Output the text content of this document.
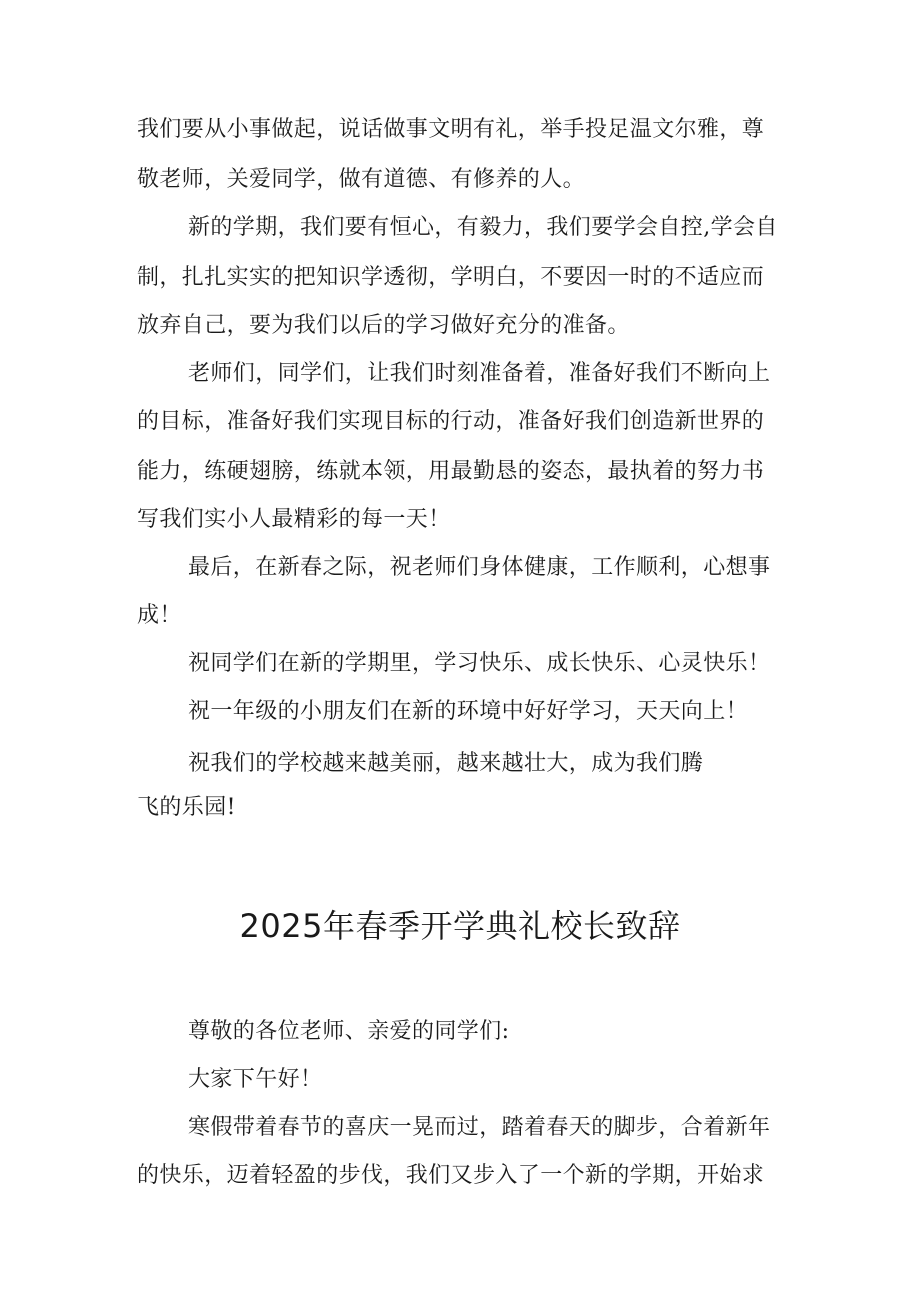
我们要从小事做起，说话做事文明有礼，举手投足温文尔雅，尊
敬老师，关爱同学，做有道德、有修养的人。
新的学期，我们要有恒心，有毅力，我们要学会自控,学会自
制，扎扎实实的把知识学透彻，学明白，不要因一时的不适应而
放弃自己，要为我们以后的学习做好充分的准备。
老师们，同学们，让我们时刻准备着，准备好我们不断向上
的目标，准备好我们实现目标的行动，准备好我们创造新世界的
能力，练硬翅膀，练就本领，用最勤恳的姿态，最执着的努力书
写我们实小人最精彩的每一天！
最后，在新春之际，祝老师们身体健康，工作顺利，心想事
成！
祝同学们在新的学期里，学习快乐、成长快乐、心灵快乐！
祝一年级的小朋友们在新的环境中好好学习，天天向上！
祝我们的学校越来越美丽，越来越壮大，成为我们腾
飞的乐园!
2025年春季开学典礼校长致辞
尊敬的各位老师、亲爱的同学们:
大家下午好！
寒假带着春节的喜庆一晃而过，踏着春天的脚步，合着新年
的快乐，迈着轻盈的步伐，我们又步入了一个新的学期，开始求
